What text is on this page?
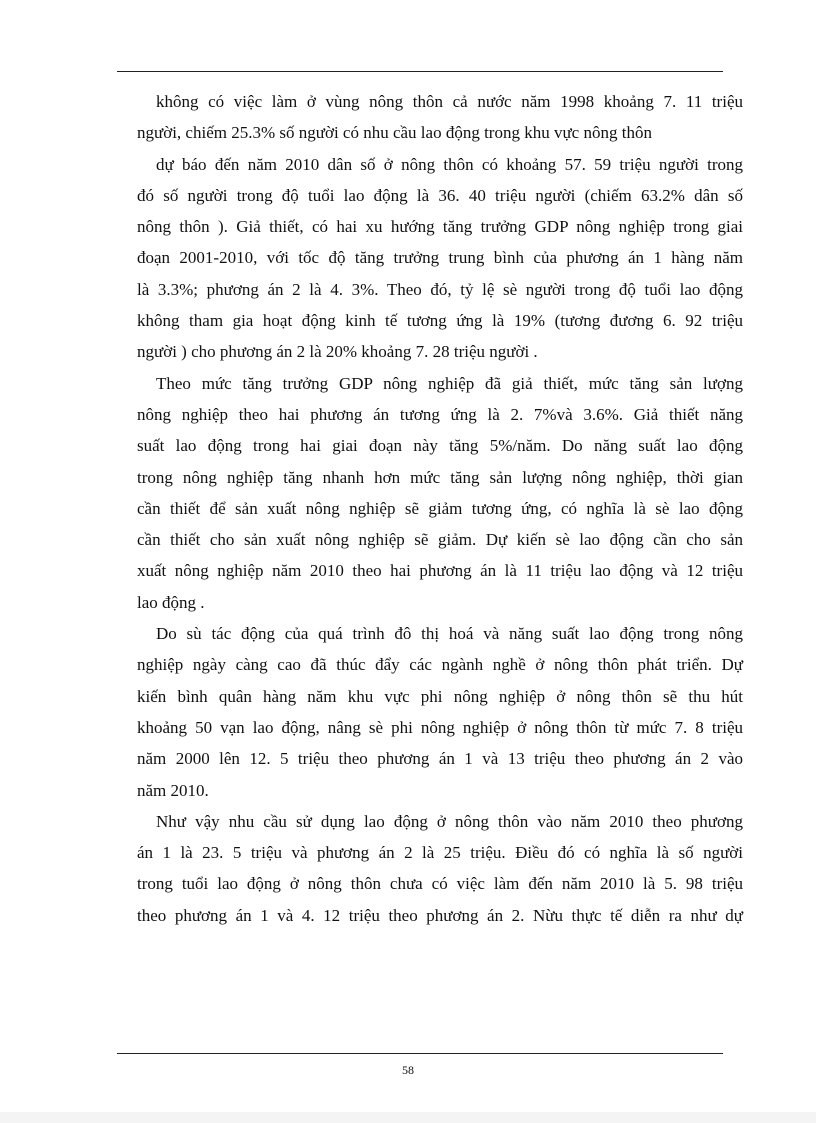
không có việc làm ở vùng nông thôn cả nước năm 1998 khoảng 7. 11 triệu
người, chiếm 25.3% số người có nhu cầu lao động trong khu vực nông thôn
dự báo đến năm 2010 dân số ở nông thôn có khoảng 57. 59 triệu người trong
đó số người trong độ tuổi lao động là 36. 40 triệu người (chiếm 63.2% dân số
nông thôn ). Giả thiết, có hai xu hướng tăng trưởng GDP nông nghiệp trong giai
đoạn 2001-2010, với tốc độ tăng trưởng trung bình của phương án 1 hàng năm
là 3.3%; phương án 2 là 4. 3%. Theo đó, tỷ lệ sè người trong độ tuổi lao động
không tham gia hoạt động kinh tế tương ứng là 19% (tương đương 6. 92 triệu
người ) cho phương án 2 là 20% khoảng 7. 28 triệu người .
Theo mức tăng trưởng GDP nông nghiệp đã giả thiết, mức tăng sản lượng
nông nghiệp theo hai phương án tương ứng là 2. 7%và 3.6%. Giả thiết năng
suất lao động trong hai giai đoạn này tăng 5%/năm. Do năng suất lao động
trong nông nghiệp tăng nhanh hơn mức tăng sản lượng nông nghiệp, thời gian
cần thiết để sản xuất nông nghiệp sẽ giảm tương ứng, có nghĩa là sè lao động
cần thiết cho sản xuất nông nghiệp sẽ giảm. Dự kiến sè lao động cần cho sản
xuất nông nghiệp năm 2010 theo hai phương án là 11 triệu lao động và 12 triệu
lao động .
Do sù tác động của quá trình đô thị hoá và năng suất lao động trong nông
nghiệp ngày càng cao đã thúc đẩy các ngành nghề ở nông thôn phát triển. Dự
kiến bình quân hàng năm khu vực phi nông nghiệp ở nông thôn sẽ thu hút
khoảng 50 vạn lao động, nâng sè phi nông nghiệp ở nông thôn từ mức 7. 8 triệu
năm 2000 lên 12. 5 triệu theo phương án 1 và 13 triệu theo phương án 2 vào
năm 2010.
Như vậy nhu cầu sử dụng lao động ở nông thôn vào năm 2010 theo phương
án 1 là 23. 5 triệu và phương án 2 là 25 triệu. Điều đó có nghĩa là số người
trong tuổi lao động ở nông thôn chưa có việc làm đến năm 2010 là 5. 98 triệu
theo phương án 1 và 4. 12 triệu theo phương án 2. Nừu thực tế diễn ra như dự
58
